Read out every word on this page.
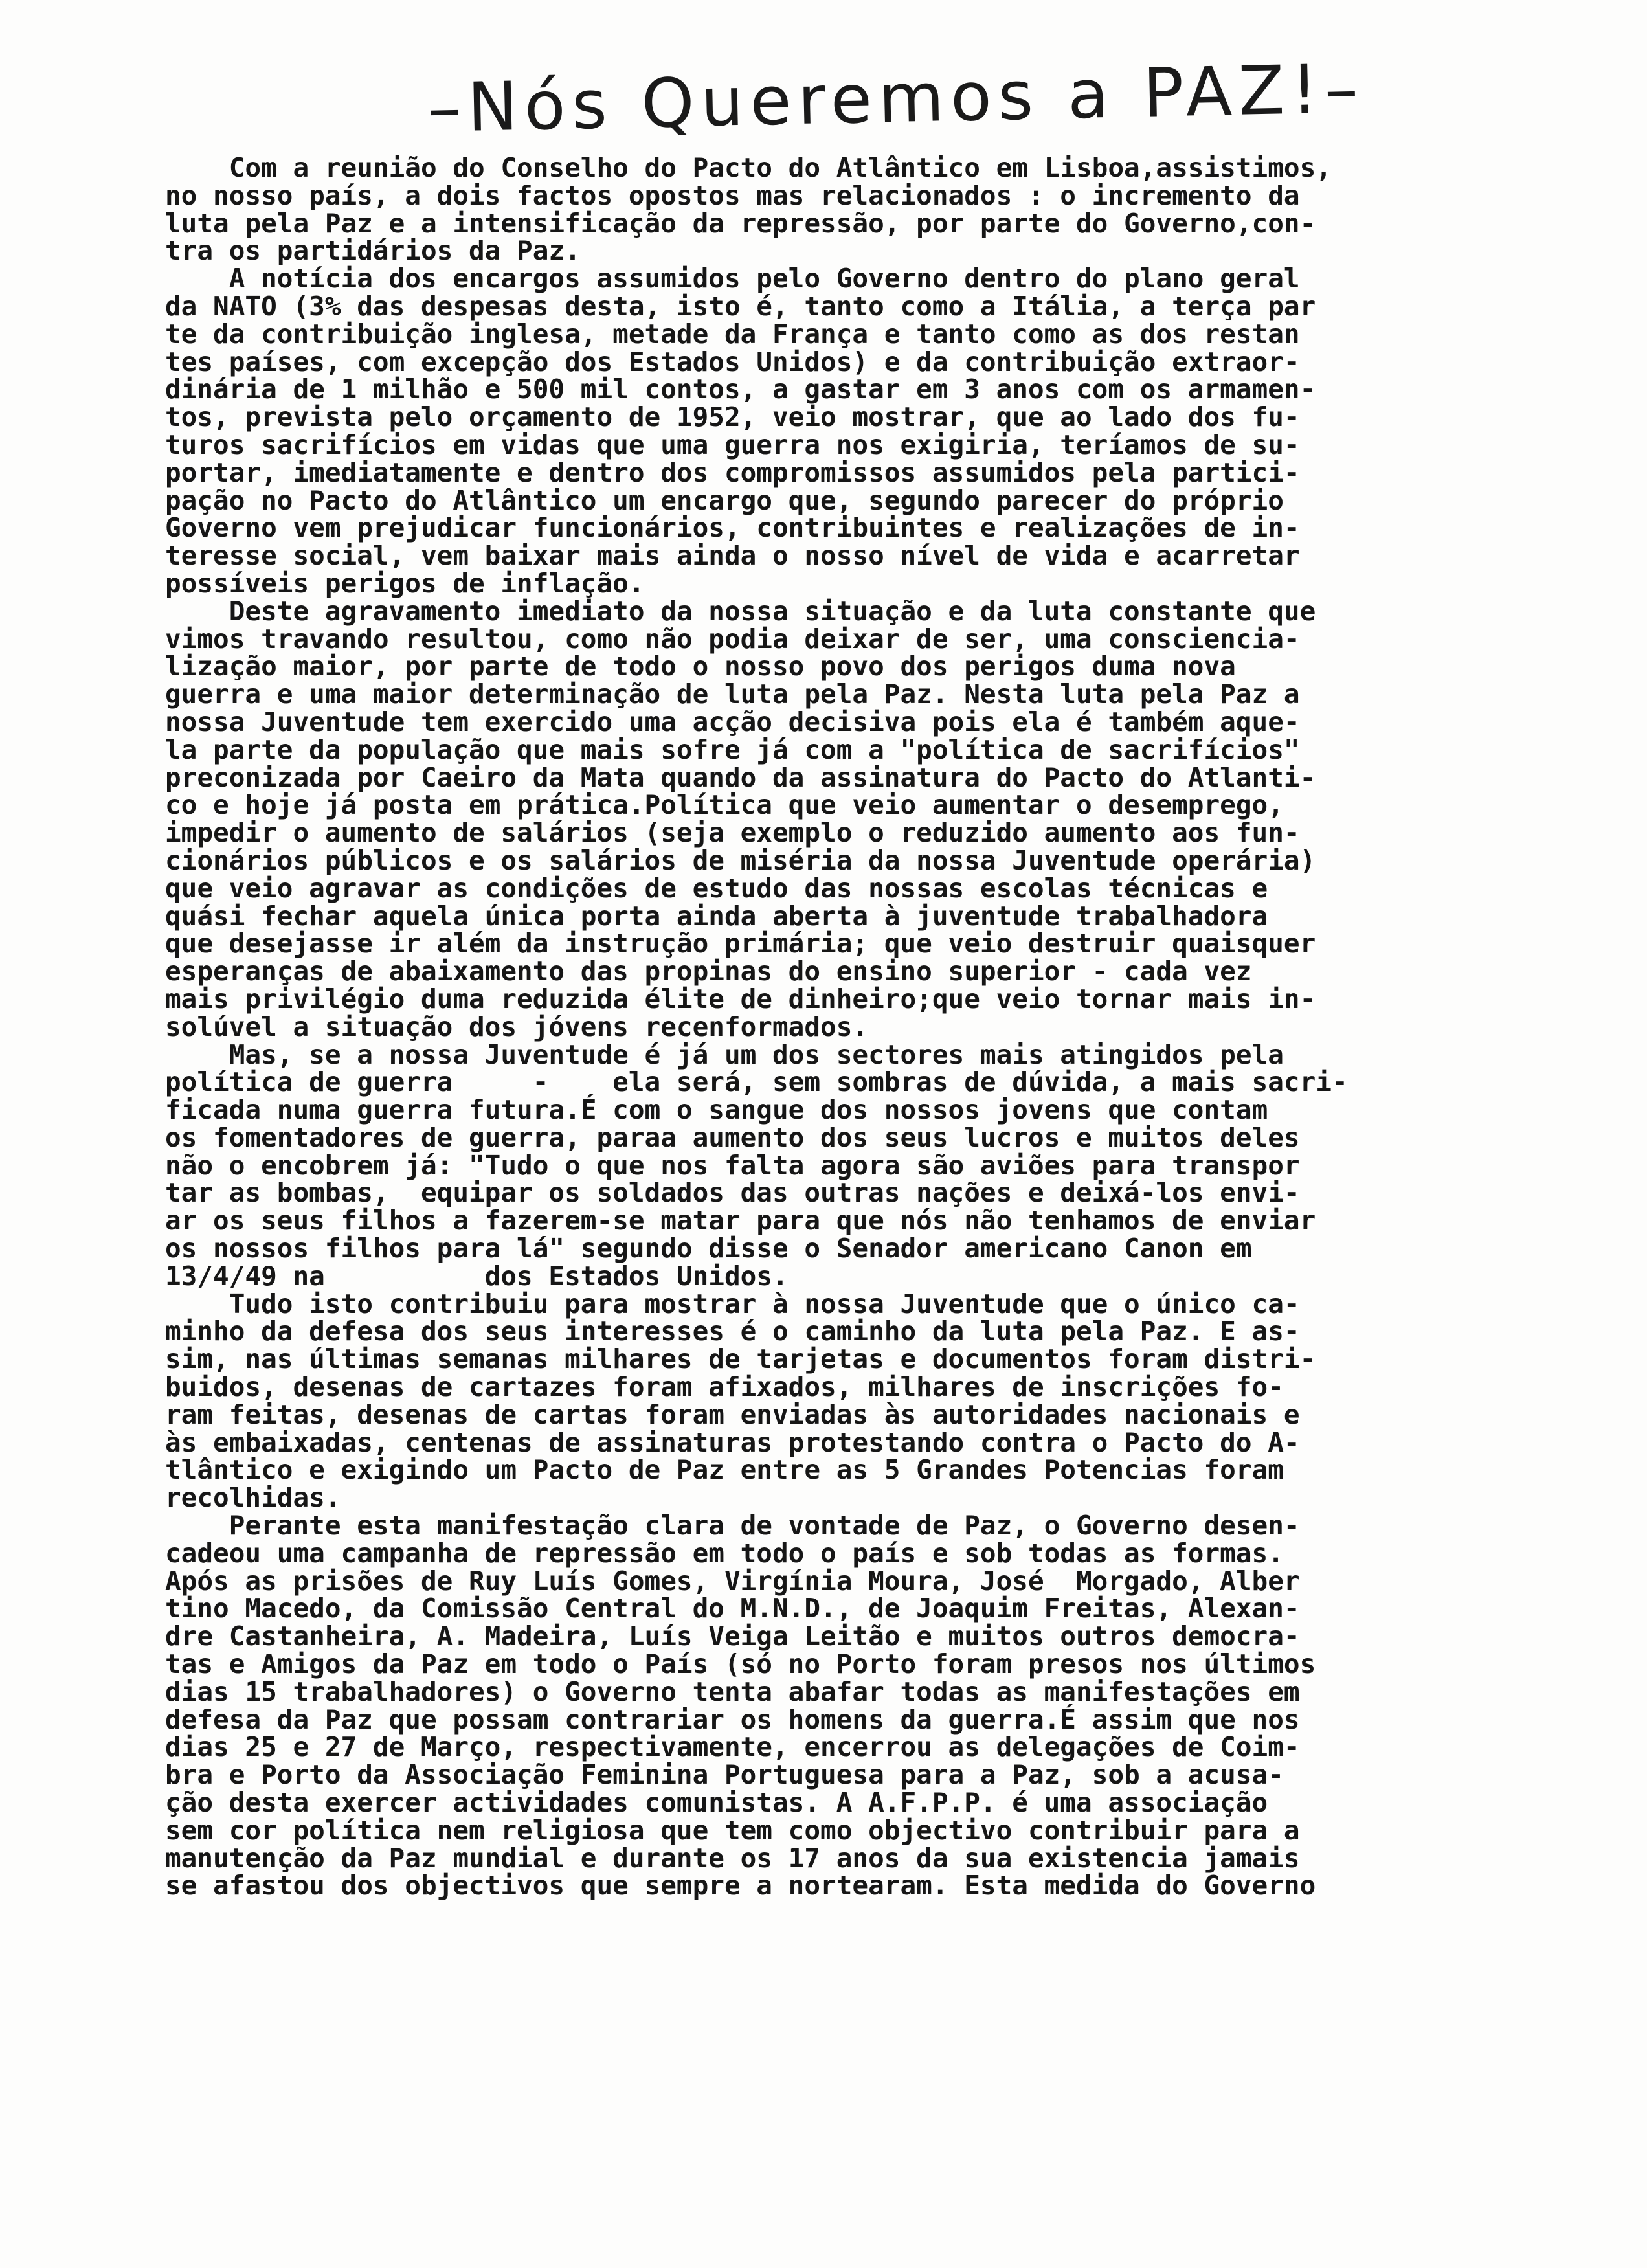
–Nós Queremos a PAZ!–
Com a reunião do Conselho do Pacto do Atlântico em Lisboa,assistimos,
no nosso país, a dois factos opostos mas relacionados : o incremento da
luta pela Paz e a intensificação da repressão, por parte do Governo,con-
tra os partidários da Paz.
A notícia dos encargos assumidos pelo Governo dentro do plano geral
da NATO (3% das despesas desta, isto é, tanto como a Itália, a terça par
te da contribuição inglesa, metade da França e tanto como as dos restan
tes países, com excepção dos Estados Unidos) e da contribuição extraor-
dinária de 1 milhão e 500 mil contos, a gastar em 3 anos com os armamen-
tos, prevista pelo orçamento de 1952, veio mostrar, que ao lado dos fu-
turos sacrifícios em vidas que uma guerra nos exigiria, teríamos de su-
portar, imediatamente e dentro dos compromissos assumidos pela partici-
pação no Pacto do Atlântico um encargo que, segundo parecer do próprio
Governo vem prejudicar funcionários, contribuintes e realizações de in-
teresse social, vem baixar mais ainda o nosso nível de vida e acarretar
possíveis perigos de inflação.
Deste agravamento imediato da nossa situação e da luta constante que
vimos travando resultou, como não podia deixar de ser, uma consciencia-
lização maior, por parte de todo o nosso povo dos perigos duma nova
guerra e uma maior determinação de luta pela Paz. Nesta luta pela Paz a
nossa Juventude tem exercido uma acção decisiva pois ela é também aque-
la parte da população que mais sofre já com a "política de sacrifícios"
preconizada por Caeiro da Mata quando da assinatura do Pacto do Atlanti-
co e hoje já posta em prática.Política que veio aumentar o desemprego,
impedir o aumento de salários (seja exemplo o reduzido aumento aos fun-
cionários públicos e os salários de miséria da nossa Juventude operária)
que veio agravar as condições de estudo das nossas escolas técnicas e
quási fechar aquela única porta ainda aberta à juventude trabalhadora
que desejasse ir além da instrução primária; que veio destruir quaisquer
esperanças de abaixamento das propinas do ensino superior - cada vez
mais privilégio duma reduzida élite de dinheiro;que veio tornar mais in-
solúvel a situação dos jóvens recenformados.
Mas, se a nossa Juventude é já um dos sectores mais atingidos pela
política de guerra     -    ela será, sem sombras de dúvida, a mais sacri-
ficada numa guerra futura.É com o sangue dos nossos jovens que contam
os fomentadores de guerra, paraa aumento dos seus lucros e muitos deles
não o encobrem já: "Tudo o que nos falta agora são aviões para transpor
tar as bombas,  equipar os soldados das outras nações e deixá-los envi-
ar os seus filhos a fazerem-se matar para que nós não tenhamos de enviar
os nossos filhos para lá" segundo disse o Senador americano Canon em
13/4/49 na          dos Estados Unidos.
Tudo isto contribuiu para mostrar à nossa Juventude que o único ca-
minho da defesa dos seus interesses é o caminho da luta pela Paz. E as-
sim, nas últimas semanas milhares de tarjetas e documentos foram distri-
buidos, desenas de cartazes foram afixados, milhares de inscrições fo-
ram feitas, desenas de cartas foram enviadas às autoridades nacionais e
às embaixadas, centenas de assinaturas protestando contra o Pacto do A-
tlântico e exigindo um Pacto de Paz entre as 5 Grandes Potencias foram
recolhidas.
Perante esta manifestação clara de vontade de Paz, o Governo desen-
cadeou uma campanha de repressão em todo o país e sob todas as formas.
Após as prisões de Ruy Luís Gomes, Virgínia Moura, José  Morgado, Alber
tino Macedo, da Comissão Central do M.N.D., de Joaquim Freitas, Alexan-
dre Castanheira, A. Madeira, Luís Veiga Leitão e muitos outros democra-
tas e Amigos da Paz em todo o País (só no Porto foram presos nos últimos
dias 15 trabalhadores) o Governo tenta abafar todas as manifestações em
defesa da Paz que possam contrariar os homens da guerra.É assim que nos
dias 25 e 27 de Março, respectivamente, encerrou as delegações de Coim-
bra e Porto da Associação Feminina Portuguesa para a Paz, sob a acusa-
ção desta exercer actividades comunistas. A A.F.P.P. é uma associação
sem cor política nem religiosa que tem como objectivo contribuir para a
manutenção da Paz mundial e durante os 17 anos da sua existencia jamais
se afastou dos objectivos que sempre a nortearam. Esta medida do Governo
